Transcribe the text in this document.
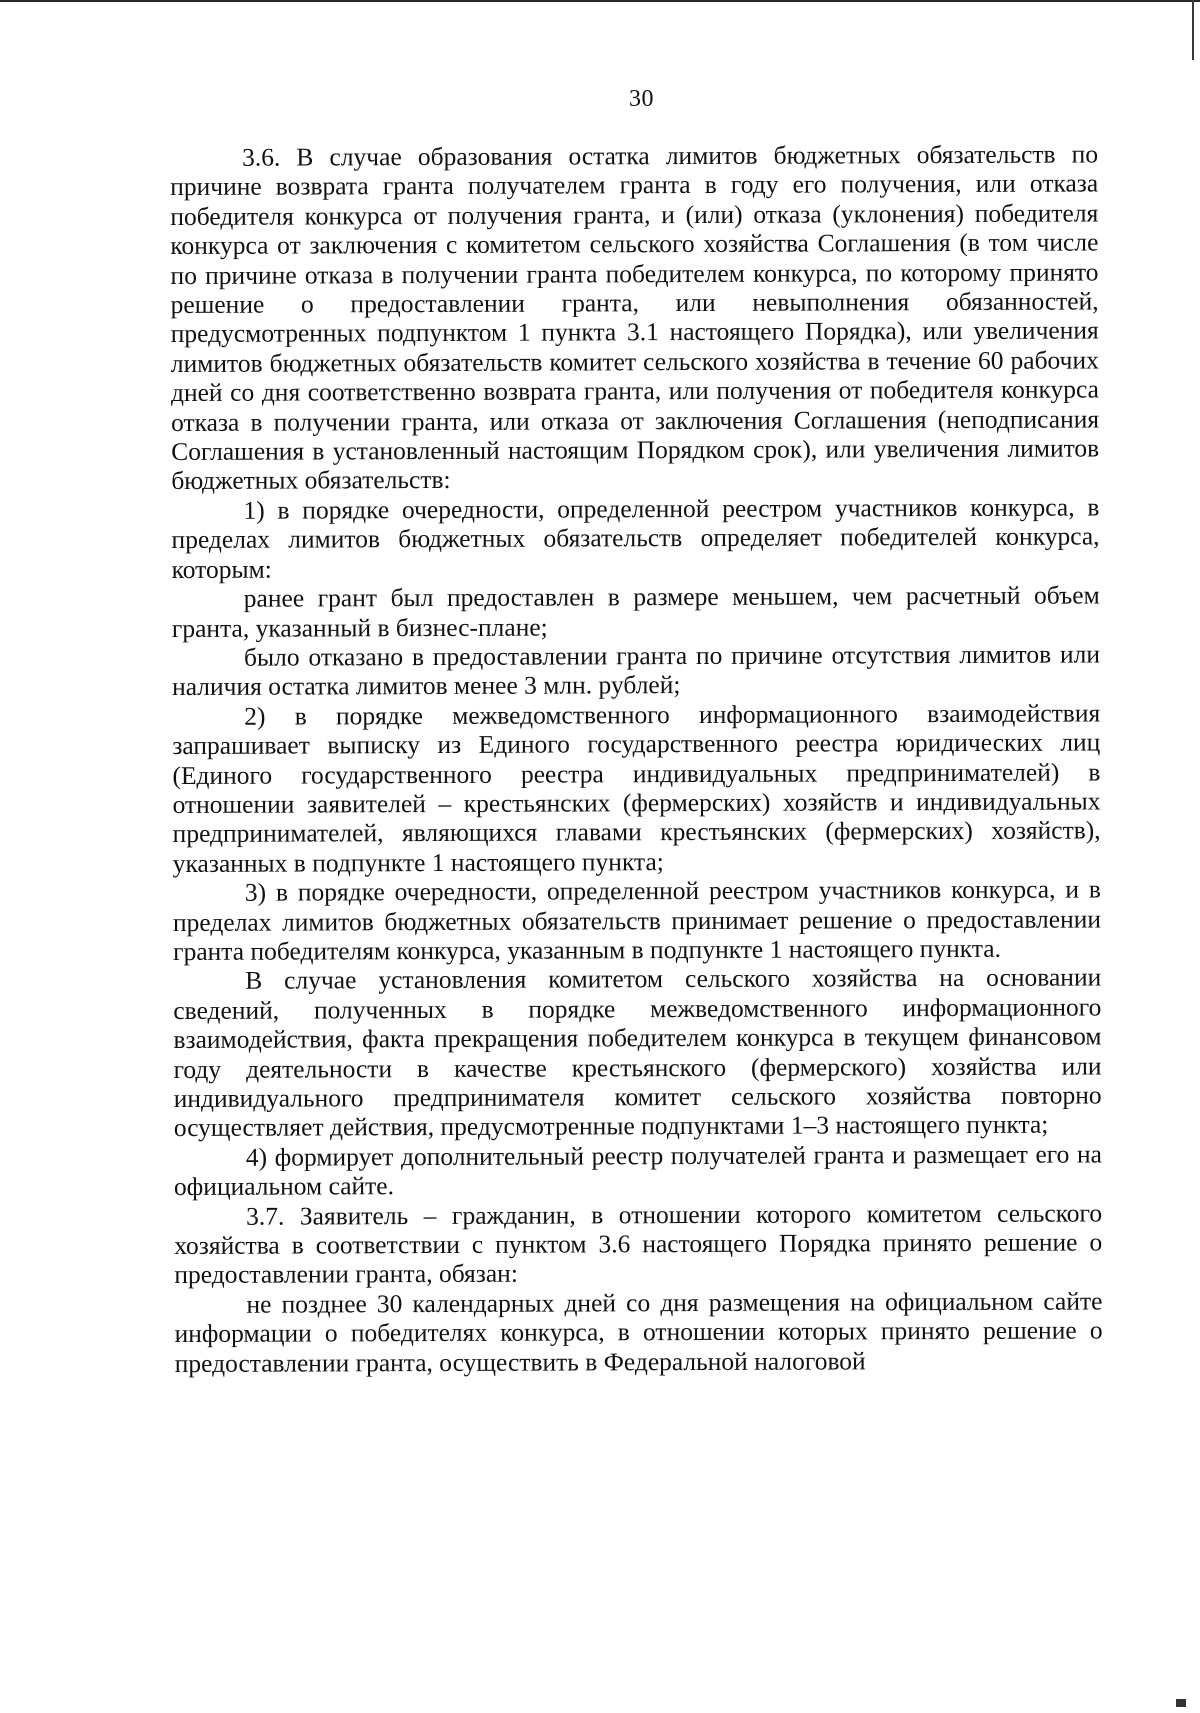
30

3.6. В случае образования остатка лимитов бюджетных обязательств по причине возврата гранта получателем гранта в году его получения, или отказа победителя конкурса от получения гранта, и (или) отказа (уклонения) победителя конкурса от заключения с комитетом сельского хозяйства Соглашения (в том числе по причине отказа в получении гранта победителем конкурса, по которому принято решение о предоставлении гранта, или невыполнения обязанностей, предусмотренных подпунктом 1 пункта 3.1 настоящего Порядка), или увеличения лимитов бюджетных обязательств комитет сельского хозяйства в течение 60 рабочих дней со дня соответственно возврата гранта, или получения от победителя конкурса отказа в получении гранта, или отказа от заключения Соглашения (неподписания Соглашения в установленный настоящим Порядком срок), или увеличения лимитов бюджетных обязательств:

1) в порядке очередности, определенной реестром участников конкурса, в пределах лимитов бюджетных обязательств определяет победителей конкурса, которым:

ранее грант был предоставлен в размере меньшем, чем расчетный объем гранта, указанный в бизнес-плане;

было отказано в предоставлении гранта по причине отсутствия лимитов или наличия остатка лимитов менее 3 млн. рублей;

2) в порядке межведомственного информационного взаимодействия запрашивает выписку из Единого государственного реестра юридических лиц (Единого государственного реестра индивидуальных предпринимателей) в отношении заявителей – крестьянских (фермерских) хозяйств и индивидуальных предпринимателей, являющихся главами крестьянских (фермерских) хозяйств), указанных в подпункте 1 настоящего пункта;

3) в порядке очередности, определенной реестром участников конкурса, и в пределах лимитов бюджетных обязательств принимает решение о предоставлении гранта победителям конкурса, указанным в подпункте 1 настоящего пункта.

В случае установления комитетом сельского хозяйства на основании сведений, полученных в порядке межведомственного информационного взаимодействия, факта прекращения победителем конкурса в текущем финансовом году деятельности в качестве крестьянского (фермерского) хозяйства или индивидуального предпринимателя комитет сельского хозяйства повторно осуществляет действия, предусмотренные подпунктами 1–3 настоящего пункта;

4) формирует дополнительный реестр получателей гранта и размещает его на официальном сайте.

3.7. Заявитель – гражданин, в отношении которого комитетом сельского хозяйства в соответствии с пунктом 3.6 настоящего Порядка принято решение о предоставлении гранта, обязан:

не позднее 30 календарных дней со дня размещения на официальном сайте информации о победителях конкурса, в отношении которых принято решение о предоставлении гранта, осуществить в Федеральной налоговой
